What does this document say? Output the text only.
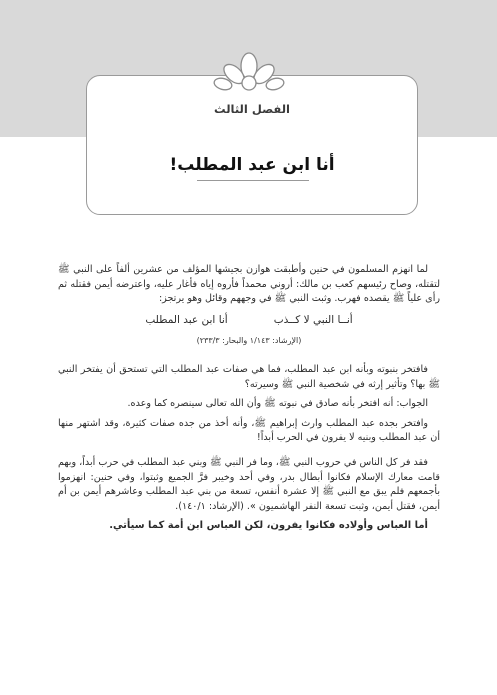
الفصل الثالث
أنا ابن عبد المطلب!

لما انهزم المسلمون في حنين وأطبقت هوازن بجيشها المؤلف من عشرين ألفاً على النبي ﷺ لتقتله، وصاح رئيسهم كعب بن مالك: أروني محمداً فأروه إياه فأغار عليه، واعترضه أيمن فقتله ثم رأى علياً ﷺ يقصده فهرب. وثبت النبي ﷺ في وجههم وقائل وهو يرتجز:

أنــا النبي لا كــذب
أنا ابن عبد المطلب
(الإرشاد: ١/١٤٣ والبحار: ٢٣٣/٣)

فافتخر بنبوته وبأنه ابن عبد المطلب، فما هي صفات عبد المطلب التي تستحق أن يفتخر النبي ﷺ بها؟ وتأثير إرثه في شخصية النبي ﷺ وسيرته؟

الجواب: أنه افتخر بأنه صادق في نبوته ﷺ وأن الله تعالى سينصره كما وعده.

وافتخر بجده عبد المطلب وارث إبراهيم ﷺ، وأنه أخذ من جده صفات كثيرة، وقد اشتهر منها أن عبد المطلب وبنيه لا يفرون في الحرب أبداً!

فقد فر كل الناس في حروب النبي ﷺ، وما فر النبي ﷺ وبني عبد المطلب في حرب أبداً، وبهم قامت معارك الإسلام فكانوا أبطال بدر، وفي أحد وخيبر فرَّ الجميع وثبتوا، وفي حنين: انهزموا بأجمعهم فلم يبق مع النبي ﷺ إلا عشرة أنفس، تسعة من بني عبد المطلب وعاشرهم أيمن بن أم أيمن، فقتل أيمن، وثبت تسعة النفر الهاشميون ». (الإرشاد: ١٤٠/١).

أما العباس وأولاده فكانوا يفرون، لكن العباس ابن أمة كما سيأتي.
